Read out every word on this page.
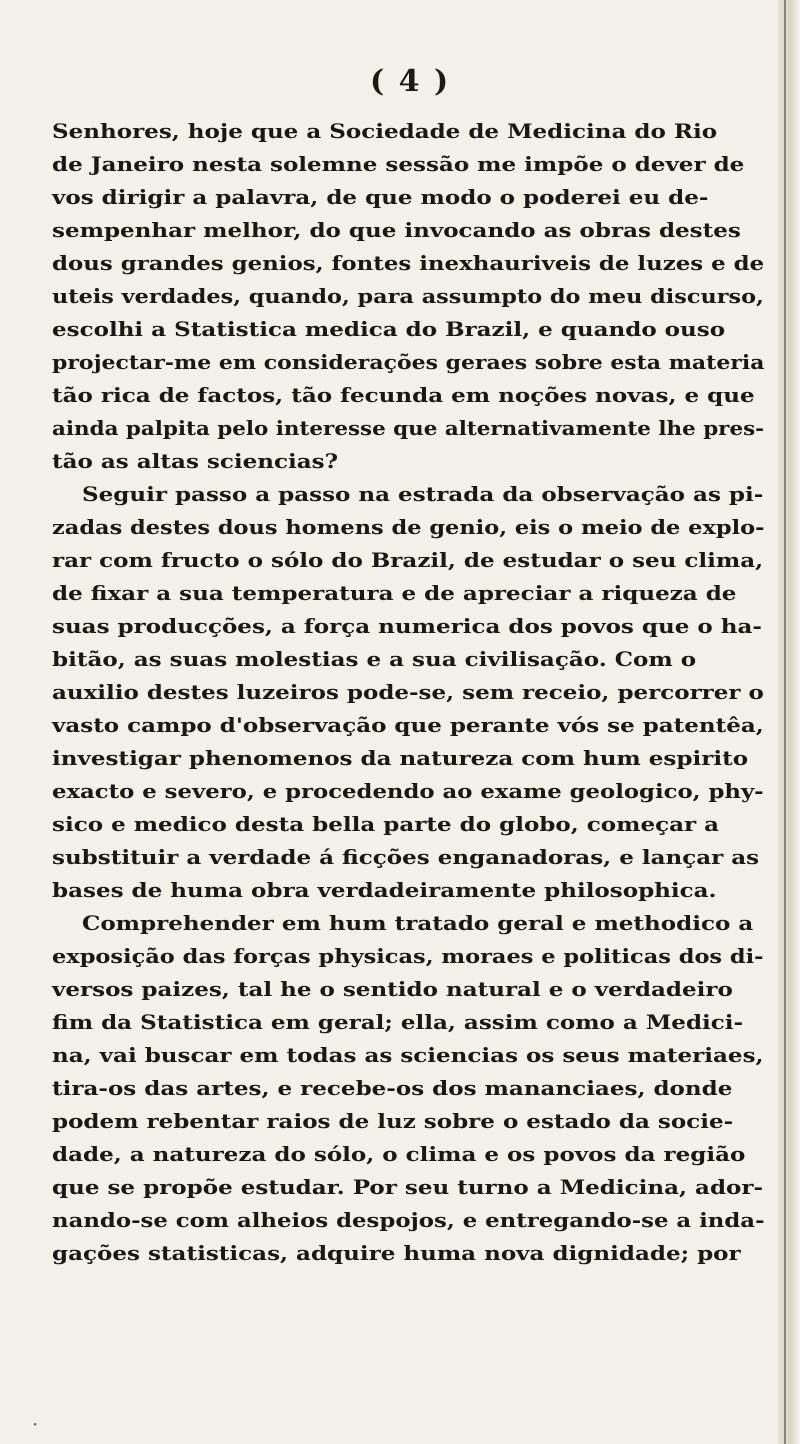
( 4 )
·

Senhores, hoje que a Sociedade de Medicina do Rio

de Janeiro nesta solemne sessão me impõe o dever de

vos dirigir a palavra, de que modo o poderei eu de-

sempenhar melhor, do que invocando as obras destes

dous grandes genios, fontes inexhauriveis de luzes e de

uteis verdades, quando, para assumpto do meu discurso,

escolhi a Statistica medica do Brazil, e quando ouso

projectar-me em considerações geraes sobre esta materia

tão rica de factos, tão fecunda em noções novas, e que

ainda palpita pelo interesse que alternativamente lhe pres-

tão as altas sciencias?

Seguir passo a passo na estrada da observação as pi-

zadas destes dous homens de genio, eis o meio de explo-

rar com fructo o sólo do Brazil, de estudar o seu clima,

de fixar a sua temperatura e de apreciar a riqueza de

suas producções, a força numerica dos povos que o ha-

bitão, as suas molestias e a sua civilisação. Com o

auxilio destes luzeiros pode-se, sem receio, percorrer o

vasto campo d'observação que perante vós se patentêa,

investigar phenomenos da natureza com hum espirito

exacto e severo, e procedendo ao exame geologico, phy-

sico e medico desta bella parte do globo, começar a

substituir a verdade á ficções enganadoras, e lançar as

bases de huma obra verdadeiramente philosophica.

Comprehender em hum tratado geral e methodico a

exposição das forças physicas, moraes e politicas dos di-

versos paizes, tal he o sentido natural e o verdadeiro

fim da Statistica em geral; ella, assim como a Medici-

na, vai buscar em todas as sciencias os seus materiaes,

tira-os das artes, e recebe-os dos mananciaes, donde

podem rebentar raios de luz sobre o estado da socie-

dade, a natureza do sólo, o clima e os povos da região

que se propõe estudar. Por seu turno a Medicina, ador-

nando-se com alheios despojos, e entregando-se a inda-

gações statisticas, adquire huma nova dignidade; por
